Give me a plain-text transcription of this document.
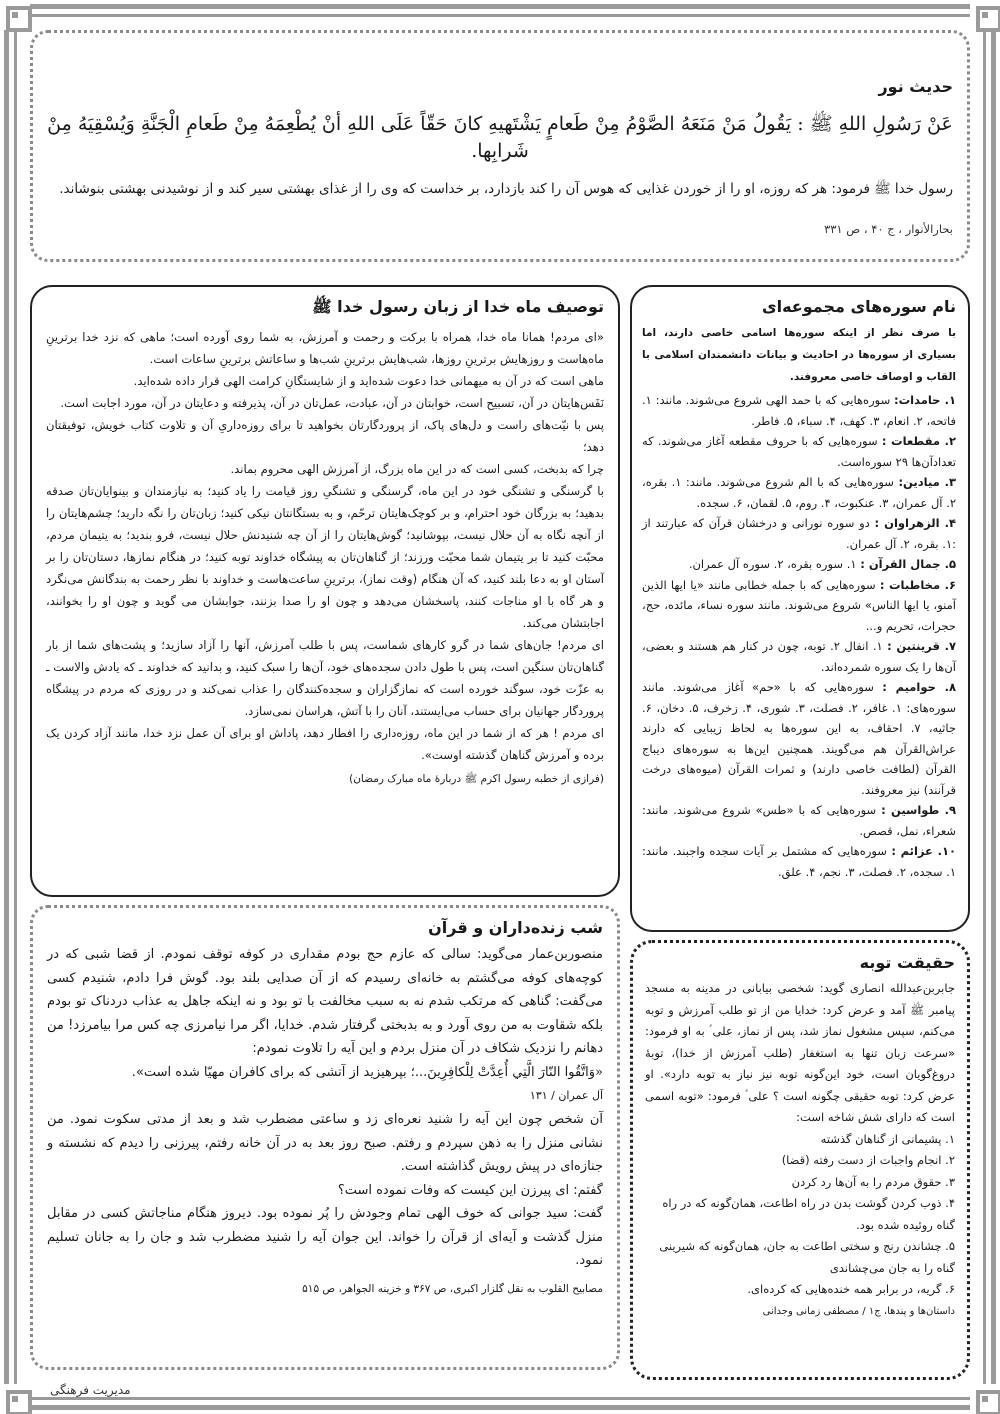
حدیث نور

عَنْ رَسُولِ اللهِ ﷺ : يَقُولُ مَنْ مَنَعَهُ الصَّوْمُ مِنْ طَعامٍ يَشْتَهيهِ كانَ حَقّاً عَلَى اللهِ أنْ يُطْعِمَهُ مِنْ طَعامِ الْجَنَّةِ وَيُسْقِيَهُ مِنْ شَرابِها.

رسول خدا ﷺ فرمود: هر که روزه، او را از خوردن غذایی که هوس آن را کند بازدارد، بر خداست که وی را از غذای بهشتی سیر کند و از نوشیدنی بهشتی بنوشاند.

بحارالأنوار ، ج ۴۰ ، ص ۳۳۱

نام سوره‌های مجموعه‌ای

با صرف نظر از اینکه سوره‌ها اسامی خاصی دارند، اما بسیاری از سوره‌ها در احادیث و بیانات دانشمندان اسلامی با القاب و اوصاف خاصی معروفند.

۱. حامدات: سوره‌هایی که با حمد الهی شروع می‌شوند. مانند: ۱. فاتحه، ۲. انعام، ۳. کهف، ۴. سباء، ۵. فاطر.

۲. مقطعات : سوره‌هایی که با حروف مقطعه آغاز می‌شوند. که تعدادآن‌ها ۲۹ سوره‌است.

۳. میادین: سوره‌هایی که با الم شروع می‌شوند. مانند: ۱. بقره، ۲. آل عمران، ۳. عنکبوت، ۴. روم، ۵. لقمان، ۶. سجده.

۴. الزهراوان : دو سوره نورانی و درخشان قرآن که عبارتند از :۱. بقره، ۲. آل عمران.

۵. جمال القرآن : ۱. سوره بقره، ۲. سوره آل عمران.

۶. مخاطبات : سوره‌هایی که با جمله خطابی مانند «یا ایها الذین آمنو، یا ایها الناس» شروع می‌شوند. مانند سوره نساء، مائده، حج، حجرات، تحریم و...

۷. قرینتین : ۱. انفال ۲. توبه، چون در کنار هم هستند و بعضی، آن‌ها را یک سوره شمرده‌اند.

۸. حوامیم : سوره‌هایی که با «حم» آغاز می‌شوند. مانند سوره‌های: ۱. غافر، ۲. فصلت، ۳. شوری، ۴. زخرف، ۵. دخان، ۶. جاثیه، ۷. احقاف، به این سوره‌ها به لحاظ زیبایی که دارند عراش‌القرآن هم می‌گویند. همچنین این‌ها به سوره‌های دیباج القرآن (لطافت خاصی دارند) و ثمرات القرآن (میوه‌های درخت قرآنند) نیز معروفند.

۹. طواسین : سوره‌هایی که با «طس» شروع می‌شوند. مانند: شعراء، نمل، قصص.

۱۰. عزائم : سوره‌هایی که مشتمل بر آیات سجده واجبند. مانند: ۱. سجده، ۲. فصلت، ۳. نجم، ۴. علق.

حقیقت توبه

جابربن‌عبدالله انصاری گوید: شخصی بیابانی در مدینه به مسجد پیامبر ﷺ آمد و عرض کرد: خدایا من از تو طلب آمرزش و توبه می‌کنم، سپس مشغول نماز شد، پس از نماز، علی ؑ به او فرمود: «سرعت زبان تنها به استغفار (طلب آمرزش از خدا)، توبهٔ دروغ‌گویان است، خود این‌گونه توبه نیز نیاز به توبه دارد». او عرض کرد: توبه حقیقی چگونه است ؟ علی ؑ فرمود: «توبه اسمی است که دارای شش شاخه است:

۱. پشیمانی از گناهان گذشته
۲. انجام واجبات از دست رفته (قضا)
۳. حقوق مردم را به آن‌ها رد کردن
۴. ذوب کردن گوشت بدن در راه اطاعت، همان‌گونه که در راه گناه روئیده شده بود.
۵. چشاندن رنج و سختی اطاعت به جان، همان‌گونه که شیرینی گناه را به جان می‌چشاندی
۶. گریه، در برابر همه خنده‌هایی که کرده‌ای.

داستان‌ها و پندها، ج۱ / مصطفی زمانی وجدانی

توصیف ماه خدا از زبان رسول خدا ﷺ

«ای مردم! همانا ماه خدا، همراه با برکت و رحمت و آمرزش، به شما روی آورده است؛ ماهی که نزد خدا برترینِ ماه‌هاست و روزهایش برترینِ روزها، شب‌هایش برترینِ شب‌ها و ساعاتش برترینِ ساعات است.

ماهی است که در آن به میهمانی خدا دعوت شده‌اید و از شایستگانِ کرامت الهی قرار داده شده‌اید.

نَفَس‌هایتان در آن، تسبیح است، خوابتان در آن، عبادت، عمل‌تان در آن، پذیرفته و دعایتان در آن، مورد اجابت است.

پس با نیّت‌های راست و دل‌های پاک، از پروردگارتان بخواهید تا برای روزه‌داریِ آن و تلاوت کتاب خویش، توفیقتان دهد؛

چرا که بدبخت، کسی است که در این ماه بزرگ، از آمرزش الهی محروم بماند.

با گرسنگی و تشنگی خود در این ماه، گرسنگی و تشنگیِ روز قیامت را یاد کنید؛ به نیازمندان و بینوایان‌تان صدقه بدهید؛ به بزرگان خود احترام، و بر کوچک‌هایتان ترحّم، و به بستگانتان نیکی کنید؛ زبان‌تان را نگه دارید؛ چشم‌هایتان را از آنچه نگاه به آن حلال نیست، بپوشانید؛ گوش‌هایتان را از آن چه شنیدنش حلال نیست، فرو بندید؛ به یتیمان مردم، محبّت کنید تا بر یتیمان شما محبّت ورزند؛ از گناهان‌تان به پیشگاه خداوند توبه کنید؛ در هنگام نمازها، دستان‌تان را بر آستان او به دعا بلند کنید، که آن هنگام (وقت نماز)، برترینِ ساعت‌هاست و خداوند با نظر رحمت به بندگانش می‌نگرد و هر گاه با او مناجات کنند، پاسخشان می‌دهد و چون او را صدا بزنند، جوابشان می گوید و چون او را بخوانند، اجابتشان می‌کند.

ای مردم! جان‌های شما در گرو کارهای شماست، پس با طلب آمرزش، آنها را آزاد سازید؛ و پشت‌های شما از بار گناهان‌تان سنگین است، پس با طول دادن سجده‌های خود، آن‌ها را سبک کنید، و بدانید که خداوند ـ که یادش والاست ـ به عزّت خود، سوگند خورده است که نمازگزاران و سجده‌کنندگان را عذاب نمی‌کند و در روزی که مردم در پیشگاه پروردگار جهانیان برای حساب می‌ایستند، آنان را با آتش، هراسان نمی‌سازد.

ای مردم ! هر که از شما در این ماه، روزه‌داری را افطار دهد، پاداش او برای آن عمل نزد خدا، مانند آزاد کردن یک برده و آمرزش گناهان گذشته اوست».

(فرازی از خطبه رسول اکرم ﷺ دربارهٔ ماه مبارک رمضان)

شب زنده‌داران و قرآن

منصوربن‌عمار می‌گوید: سالی که عازم حج بودم مقداری در کوفه توقف نمودم. از قضا شبی که در کوچه‌های کوفه می‌گشتم به خانه‌ای رسیدم که از آن صدایی بلند بود. گوش فرا دادم، شنیدم کسی می‌گفت: گناهی که مرتکب شدم نه به سبب مخالفت با تو بود و نه اینکه جاهل به عذاب دردناک تو بودم بلکه شقاوت به من روی آورد و به بدبختی گرفتار شدم. خدایا، اگر مرا نیامرزی چه کس مرا بیامرزد! من دهانم را نزدیک شکاف در آن منزل بردم و این آیه را تلاوت نمودم:

«وَاتَّقُوا النّارَ الَّتِي أُعِدَّتْ لِلْكافِرِينَ...؛ بپرهیزید از آتشی که برای کافران مهیّا شده است».

آل عمران / ۱۳۱

آن شخص چون این آیه را شنید نعره‌ای زد و ساعتی مضطرب شد و بعد از مدتی سکوت نمود. من نشانی منزل را به ذهن سپردم و رفتم. صبح روز بعد به در آن خانه رفتم، پیرزنی را دیدم که نشسته و جنازه‌ای در پیش رویش گذاشته است.

گفتم: ای پیرزن این کیست که وفات نموده است؟

گفت: سید جوانی که خوف الهی تمام وجودش را پُر نموده بود. دیروز هنگام مناجاتش کسی در مقابل منزل گذشت و آیه‌ای از قرآن را خواند. این جوان آیه را شنید مضطرب شد و جان را به جانان تسلیم نمود.

مصابیح القلوب به نقل گلزار اکبری، ص ۳۶۷ و خزینه الجواهر، ص ۵۱۵

مدیریت فرهنگی
